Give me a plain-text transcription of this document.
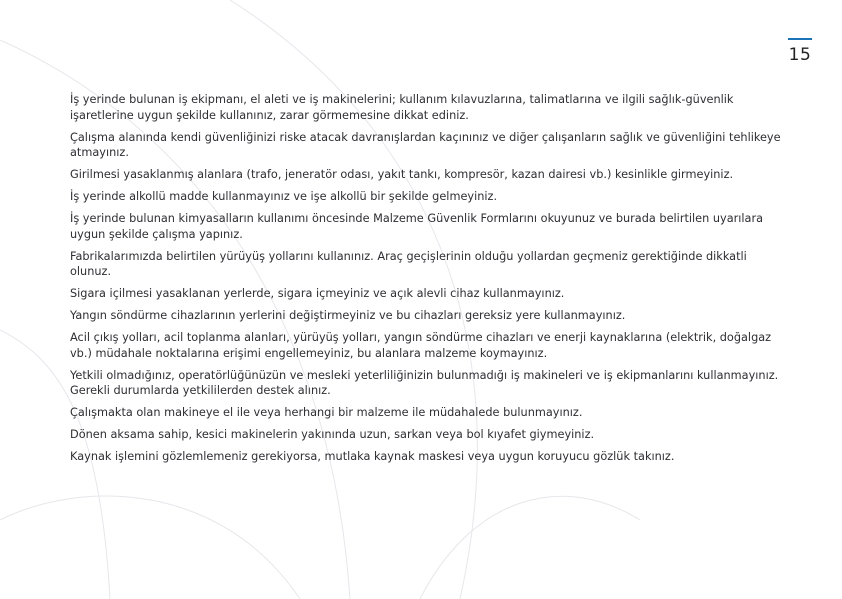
15

İş yerinde bulunan iş ekipmanı, el aleti ve iş makinelerini; kullanım kılavuzlarına, talimatlarına ve ilgili sağlık-güvenlik işaretlerine uygun şekilde kullanınız, zarar görmemesine dikkat ediniz.

Çalışma alanında kendi güvenliğinizi riske atacak davranışlardan kaçınınız ve diğer çalışanların sağlık ve güvenliğini tehlikeye atmayınız.

Girilmesi yasaklanmış alanlara (trafo, jeneratör odası, yakıt tankı, kompresör, kazan dairesi vb.) kesinlikle girmeyiniz.

İş yerinde alkollü madde kullanmayınız ve işe alkollü bir şekilde gelmeyiniz.

İş yerinde bulunan kimyasalların kullanımı öncesinde Malzeme Güvenlik Formlarını okuyunuz ve burada belirtilen uyarılara uygun şekilde çalışma yapınız.

Fabrikalarımızda belirtilen yürüyüş yollarını kullanınız. Araç geçişlerinin olduğu yollardan geçmeniz gerektiğinde dikkatli olunuz.

Sigara içilmesi yasaklanan yerlerde, sigara içmeyiniz ve açık alevli cihaz kullanmayınız.

Yangın söndürme cihazlarının yerlerini değiştirmeyiniz ve bu cihazları gereksiz yere kullanmayınız.

Acil çıkış yolları, acil toplanma alanları, yürüyüş yolları, yangın söndürme cihazları ve enerji kaynaklarına (elektrik, doğalgaz vb.) müdahale noktalarına erişimi engellemeyiniz, bu alanlara malzeme koymayınız.

Yetkili olmadığınız, operatörlüğünüzün ve mesleki yeterliliğinizin bulunmadığı iş makineleri ve iş ekipmanlarını kullanmayınız. Gerekli durumlarda yetkililerden destek alınız.

Çalışmakta olan makineye el ile veya herhangi bir malzeme ile müdahalede bulunmayınız.

Dönen aksama sahip, kesici makinelerin yakınında uzun, sarkan veya bol kıyafet giymeyiniz.

Kaynak işlemini gözlemlemeniz gerekiyorsa, mutlaka kaynak maskesi veya uygun koruyucu gözlük takınız.
